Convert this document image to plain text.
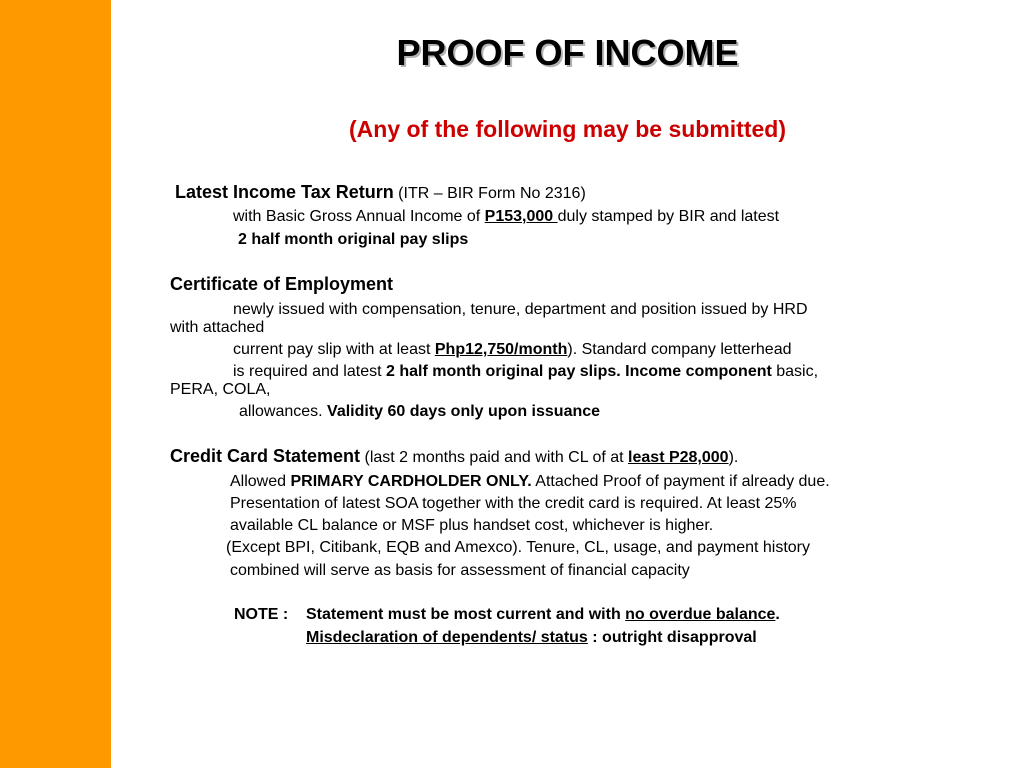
PROOF OF INCOME
(Any of the following may be submitted)
Latest Income Tax Return (ITR – BIR Form No 2316)
with Basic Gross Annual Income of P153,000 duly stamped by BIR and latest
2 half month original pay slips
Certificate of Employment
newly issued with compensation, tenure, department and position issued by HRD
with attached
current pay slip with at least Php12,750/month). Standard company letterhead
is required and latest 2 half month original pay slips. Income component basic,
PERA, COLA,
allowances. Validity 60 days only upon issuance
Credit Card Statement (last 2 months paid and with CL of at least P28,000).
Allowed PRIMARY CARDHOLDER ONLY. Attached Proof of payment if already due.
Presentation of latest SOA together with the credit card is required. At least 25%
available CL balance or MSF plus handset cost, whichever is higher.
(Except BPI, Citibank, EQB and Amexco). Tenure, CL, usage, and payment history
combined will serve as basis for assessment of financial capacity
NOTE : Statement must be most current and with no overdue balance.
Misdeclaration of dependents/ status : outright disapproval
